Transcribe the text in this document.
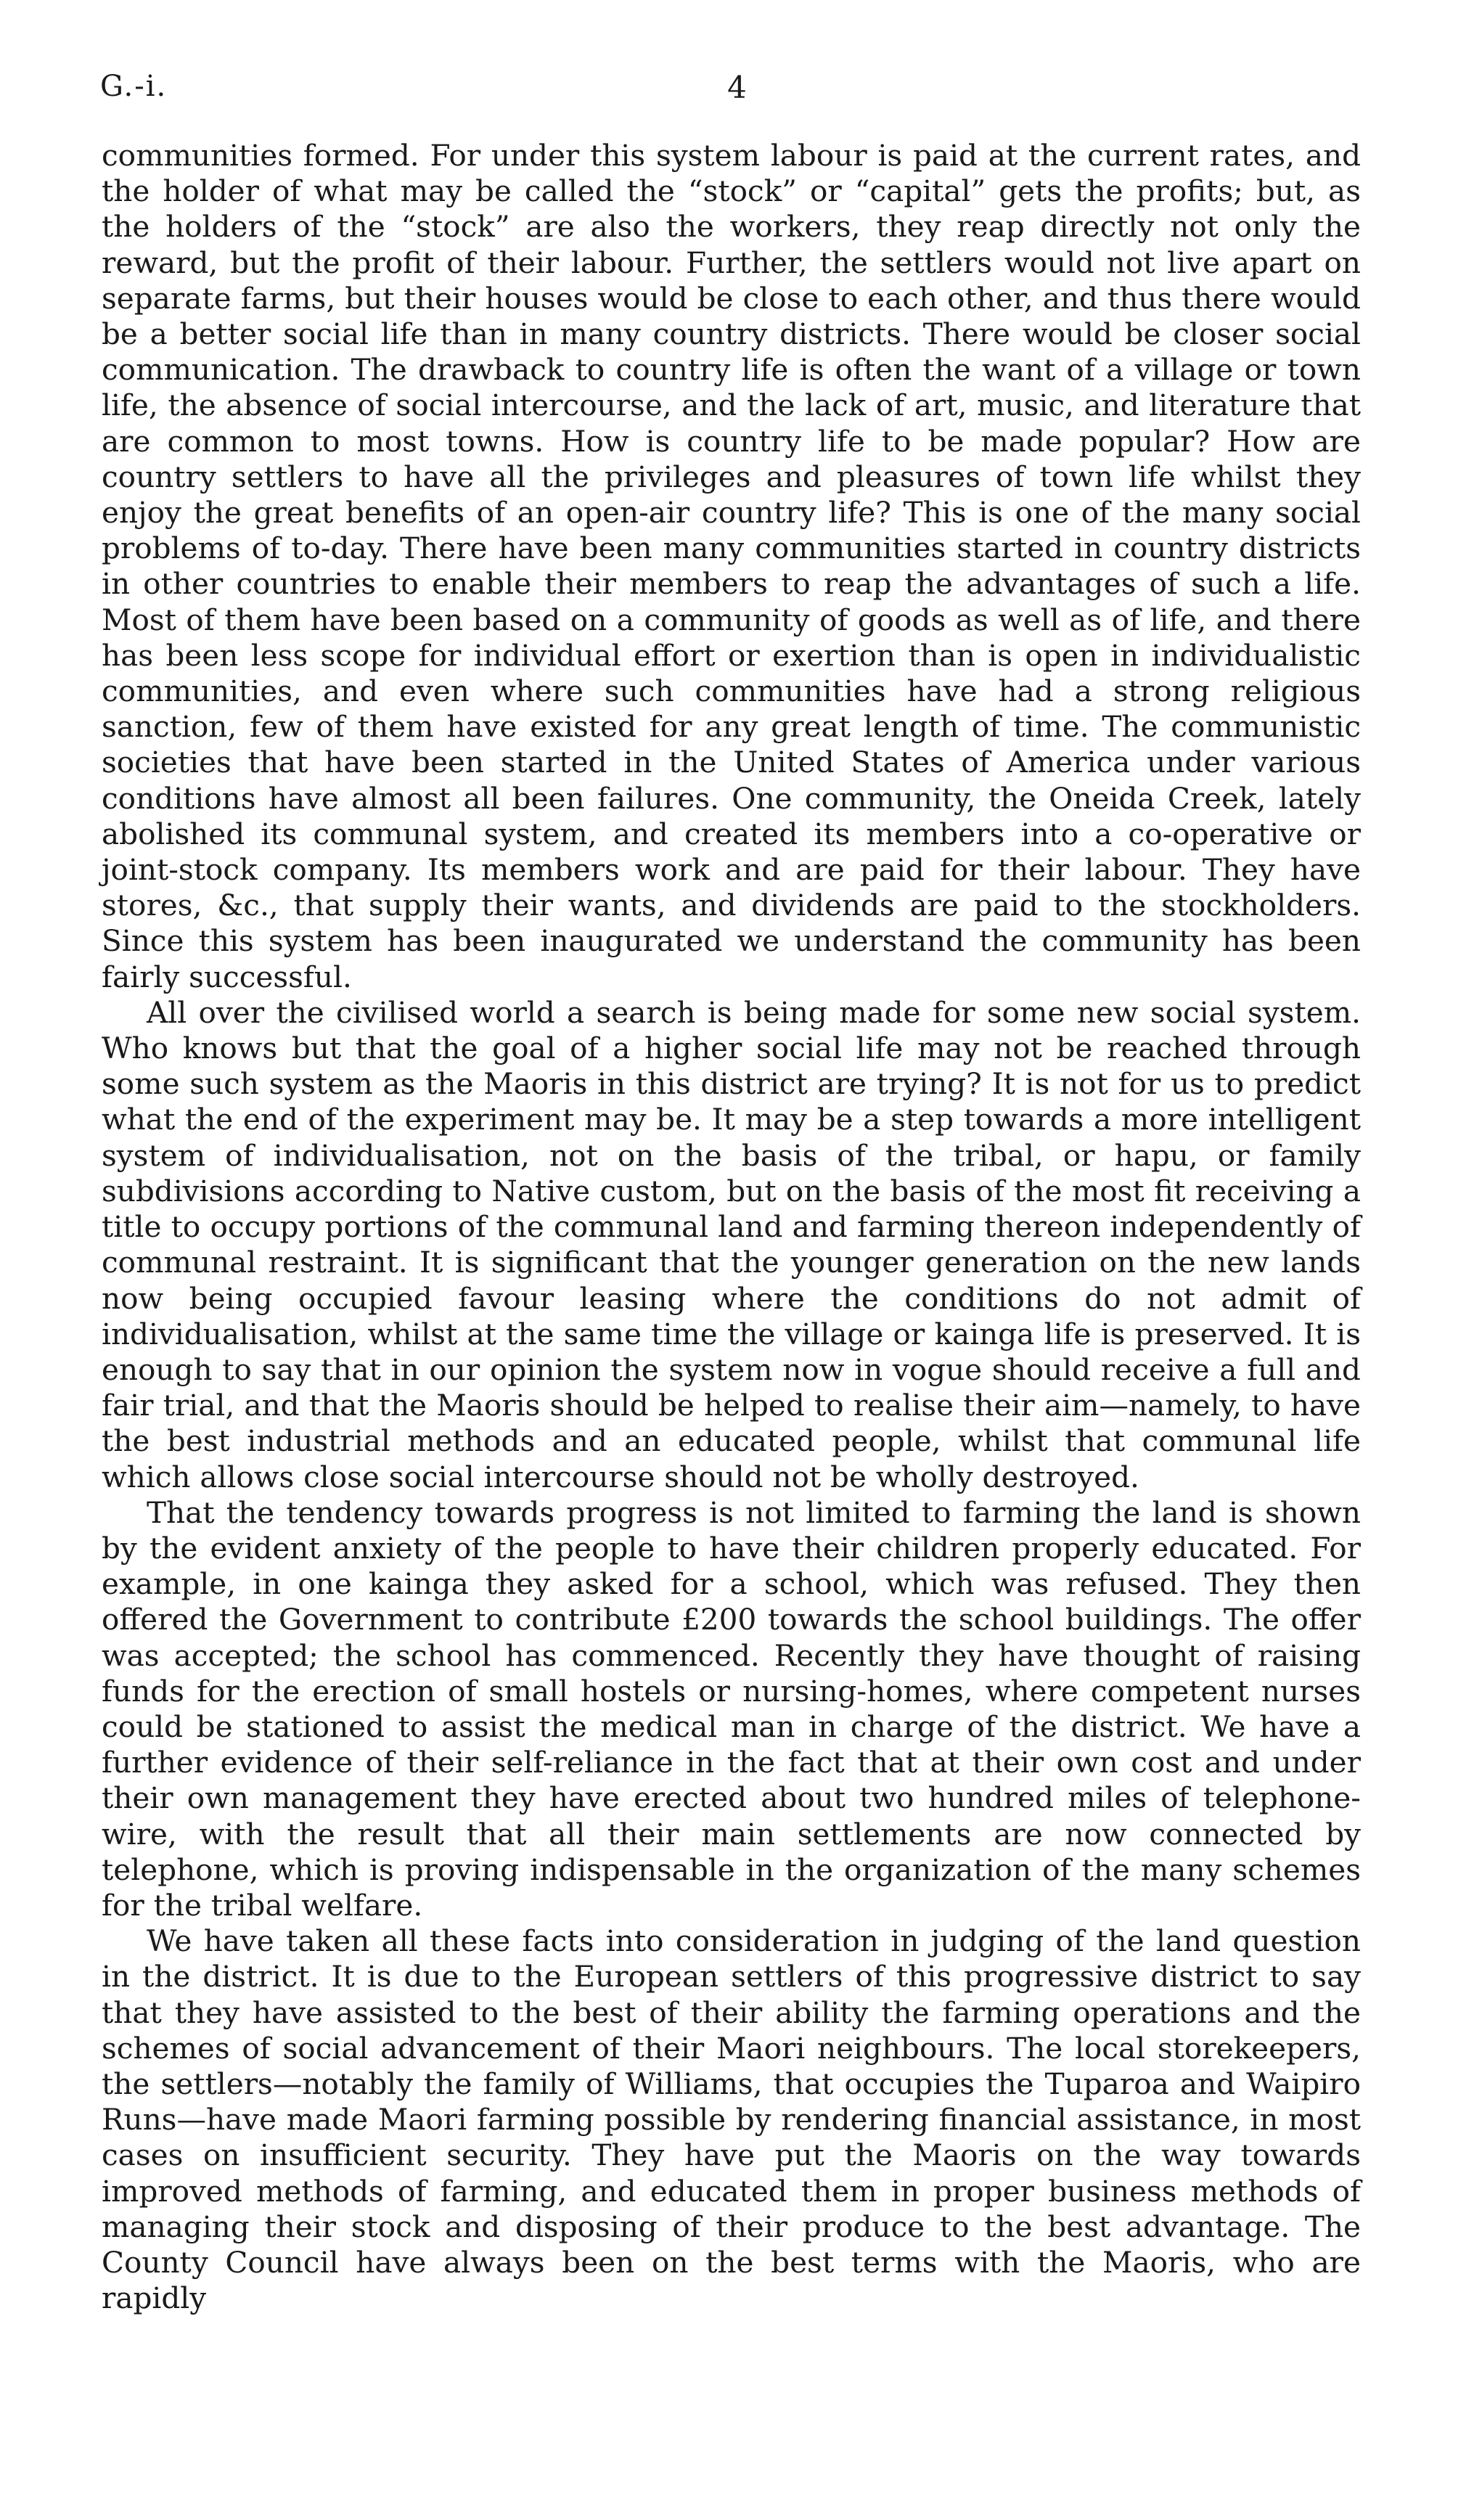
G.-i.	4

communities formed. For under this system labour is paid at the current rates, and the holder of what may be called the “stock” or “capital” gets the profits; but, as the holders of the “stock” are also the workers, they reap directly not only the reward, but the profit of their labour. Further, the settlers would not live apart on separate farms, but their houses would be close to each other, and thus there would be a better social life than in many country districts. There would be closer social communication. The drawback to country life is often the want of a village or town life, the absence of social intercourse, and the lack of art, music, and literature that are common to most towns. How is country life to be made popular? How are country settlers to have all the privileges and pleasures of town life whilst they enjoy the great benefits of an open-air country life? This is one of the many social problems of to-day. There have been many communities started in country districts in other countries to enable their members to reap the advantages of such a life. Most of them have been based on a community of goods as well as of life, and there has been less scope for individual effort or exertion than is open in individualistic communities, and even where such communities have had a strong religious sanction, few of them have existed for any great length of time. The communistic societies that have been started in the United States of America under various conditions have almost all been failures. One community, the Oneida Creek, lately abolished its communal system, and created its members into a co-operative or joint-stock company. Its members work and are paid for their labour. They have stores, &c., that supply their wants, and dividends are paid to the stockholders. Since this system has been inaugurated we understand the community has been fairly successful.

All over the civilised world a search is being made for some new social system. Who knows but that the goal of a higher social life may not be reached through some such system as the Maoris in this district are trying? It is not for us to predict what the end of the experiment may be. It may be a step towards a more intelligent system of individualisation, not on the basis of the tribal, or hapu, or family subdivisions according to Native custom, but on the basis of the most fit receiving a title to occupy portions of the communal land and farming thereon independently of communal restraint. It is significant that the younger generation on the new lands now being occupied favour leasing where the conditions do not admit of individualisation, whilst at the same time the village or kainga life is preserved. It is enough to say that in our opinion the system now in vogue should receive a full and fair trial, and that the Maoris should be helped to realise their aim—namely, to have the best industrial methods and an educated people, whilst that communal life which allows close social intercourse should not be wholly destroyed.

That the tendency towards progress is not limited to farming the land is shown by the evident anxiety of the people to have their children properly educated. For example, in one kainga they asked for a school, which was refused. They then offered the Government to contribute £200 towards the school buildings. The offer was accepted; the school has commenced. Recently they have thought of raising funds for the erection of small hostels or nursing-homes, where competent nurses could be stationed to assist the medical man in charge of the district. We have a further evidence of their self-reliance in the fact that at their own cost and under their own management they have erected about two hundred miles of telephone-wire, with the result that all their main settlements are now connected by telephone, which is proving indispensable in the organization of the many schemes for the tribal welfare.

We have taken all these facts into consideration in judging of the land question in the district. It is due to the European settlers of this progressive district to say that they have assisted to the best of their ability the farming operations and the schemes of social advancement of their Maori neighbours. The local storekeepers, the settlers—notably the family of Williams, that occupies the Tuparoa and Waipiro Runs—have made Maori farming possible by rendering financial assistance, in most cases on insufficient security. They have put the Maoris on the way towards improved methods of farming, and educated them in proper business methods of managing their stock and disposing of their produce to the best advantage. The County Council have always been on the best terms with the Maoris, who are rapidly
